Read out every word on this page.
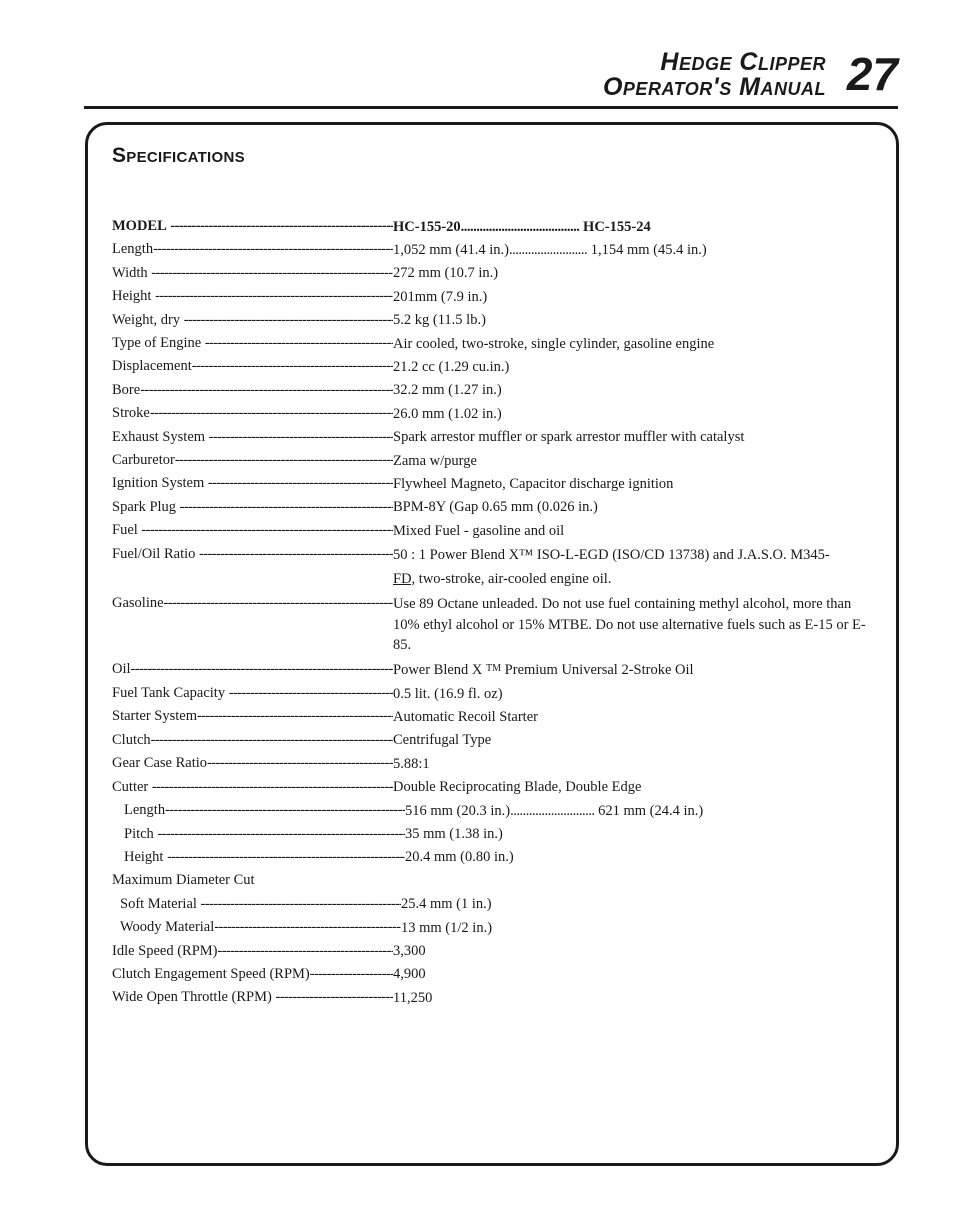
Hedge Clipper
Operator's Manual 27
Specifications
MODEL
-----	HC-155-20...................................... HC-155-24
Length -----	1,052 mm (41.4 in.)......................... 1,154 mm (45.4 in.)
Width
-----	272 mm (10.7 in.)
Height
-----	201mm (7.9 in.)
Weight, dry
-----	5.2 kg (11.5 lb.)
Type of Engine
-----	Air cooled, two-stroke, single cylinder, gasoline engine
Displacement -----	21.2 cc (1.29 cu.in.)
Bore -----	32.2 mm (1.27 in.)
Stroke -----	26.0 mm (1.02 in.)
Exhaust System
-----	Spark arrestor muffler or spark arrestor muffler with catalyst
Carburetor -----	Zama w/purge
Ignition System
-----	Flywheel Magneto, Capacitor discharge ignition
Spark Plug
-----	BPM-8Y (Gap 0.65 mm (0.026 in.)
Fuel
-----	Mixed Fuel - gasoline and oil
Fuel/Oil Ratio
-----	50 : 1 Power Blend X™ ISO-L-EGD (ISO/CD 13738) and J.A.S.O. M345-
FD, two-stroke, air-cooled engine oil.
Gasoline -----	Use 89 Octane unleaded. Do not use fuel containing methyl alcohol, more than 10% ethyl alcohol or 15% MTBE. Do not use alternative fuels such as E-15 or E-85.
Oil -----	Power Blend X ™ Premium Universal 2-Stroke Oil
Fuel Tank Capacity
-----	0.5 lit. (16.9 fl. oz)
Starter System -----	Automatic Recoil Starter
Clutch -----	Centrifugal Type
Gear Case Ratio -----	5.88:1
Cutter
-----	Double Reciprocating Blade, Double Edge
Length -----	516 mm (20.3 in.)........................... 621 mm (24.4 in.)
Pitch
-----	35 mm (1.38 in.)
Height
-----	20.4 mm (0.80 in.)
Maximum Diameter Cut
Soft Material
-----	25.4 mm (1 in.)
Woody Material -----	13 mm (1/2 in.)
Idle Speed (RPM) -----	3,300
Clutch Engagement Speed (RPM) -----	4,900
Wide Open Throttle (RPM)
-----	11,250
